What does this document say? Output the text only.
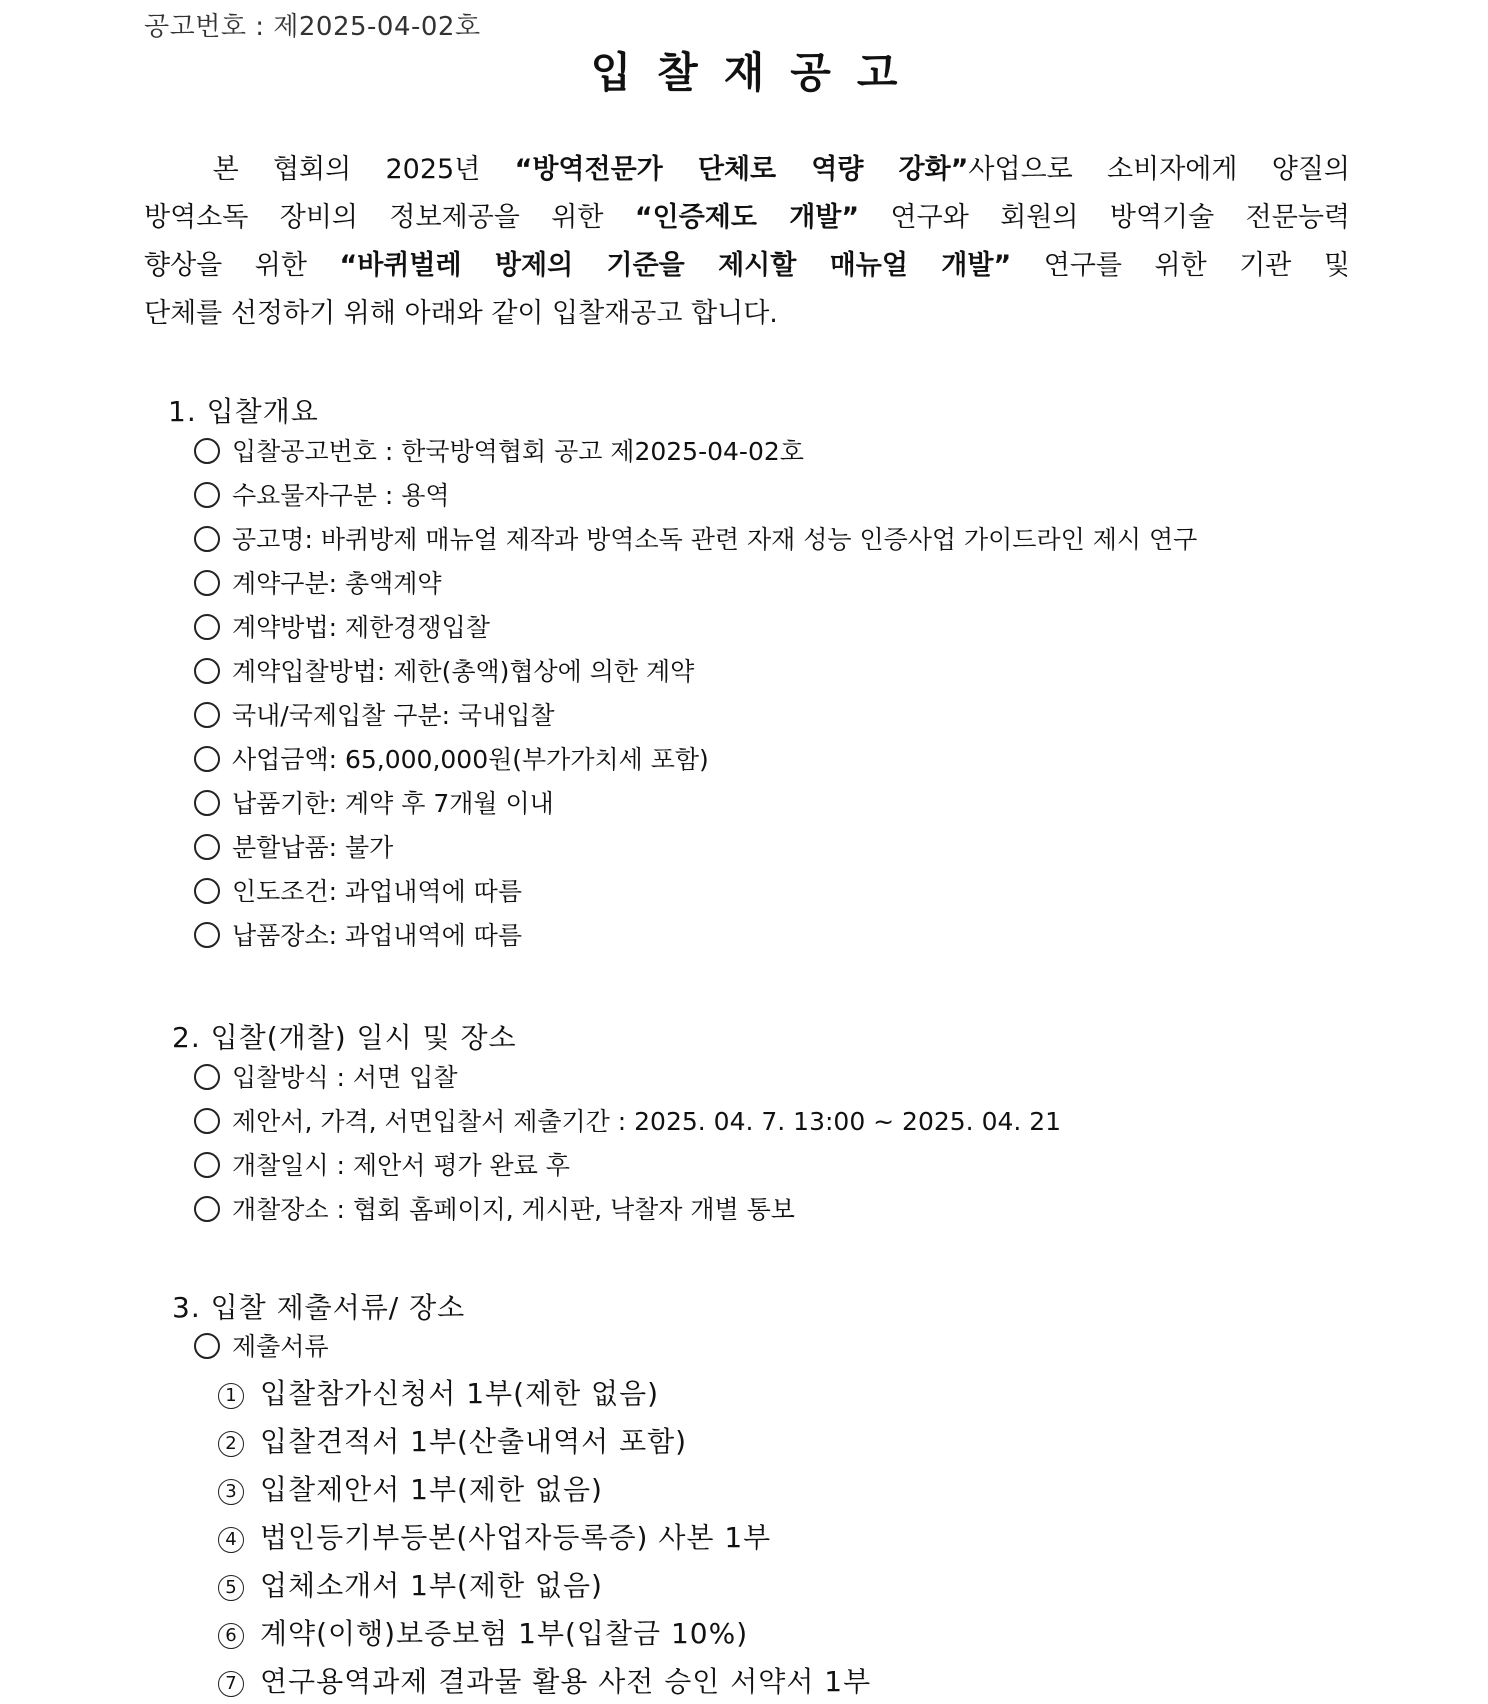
공고번호 : 제2025-04-02호
입찰재공고
본 협회의 2025년 “방역전문가 단체로 역량 강화”사업으로 소비자에게 양질의
방역소독 장비의 정보제공을 위한 “인증제도 개발” 연구와 회원의 방역기술 전문능력
향상을 위한 “바퀴벌레 방제의 기준을 제시할 매뉴얼 개발” 연구를 위한 기관 및
단체를 선정하기 위해 아래와 같이 입찰재공고 합니다.
1. 입찰개요
입찰공고번호 : 한국방역협회 공고 제2025-04-02호
수요물자구분 : 용역
공고명: 바퀴방제 매뉴얼 제작과 방역소독 관련 자재 성능 인증사업 가이드라인 제시 연구
계약구분: 총액계약
계약방법: 제한경쟁입찰
계약입찰방법: 제한(총액)협상에 의한 계약
국내/국제입찰 구분: 국내입찰
사업금액: 65,000,000원(부가가치세 포함)
납품기한: 계약 후 7개월 이내
분할납품: 불가
인도조건: 과업내역에 따름
납품장소: 과업내역에 따름
2. 입찰(개찰) 일시 및 장소
입찰방식 : 서면 입찰
제안서, 가격, 서면입찰서 제출기간 : 2025. 04. 7. 13:00 ~ 2025. 04. 21
개찰일시 : 제안서 평가 완료 후
개찰장소 : 협회 홈페이지, 게시판, 낙찰자 개별 통보
3. 입찰 제출서류/ 장소
제출서류
1 입찰참가신청서 1부(제한 없음)
2 입찰견적서 1부(산출내역서 포함)
3 입찰제안서 1부(제한 없음)
4 법인등기부등본(사업자등록증) 사본 1부
5 업체소개서 1부(제한 없음)
6 계약(이행)보증보험 1부(입찰금 10%)
7 연구용역과제 결과물 활용 사전 승인 서약서 1부
